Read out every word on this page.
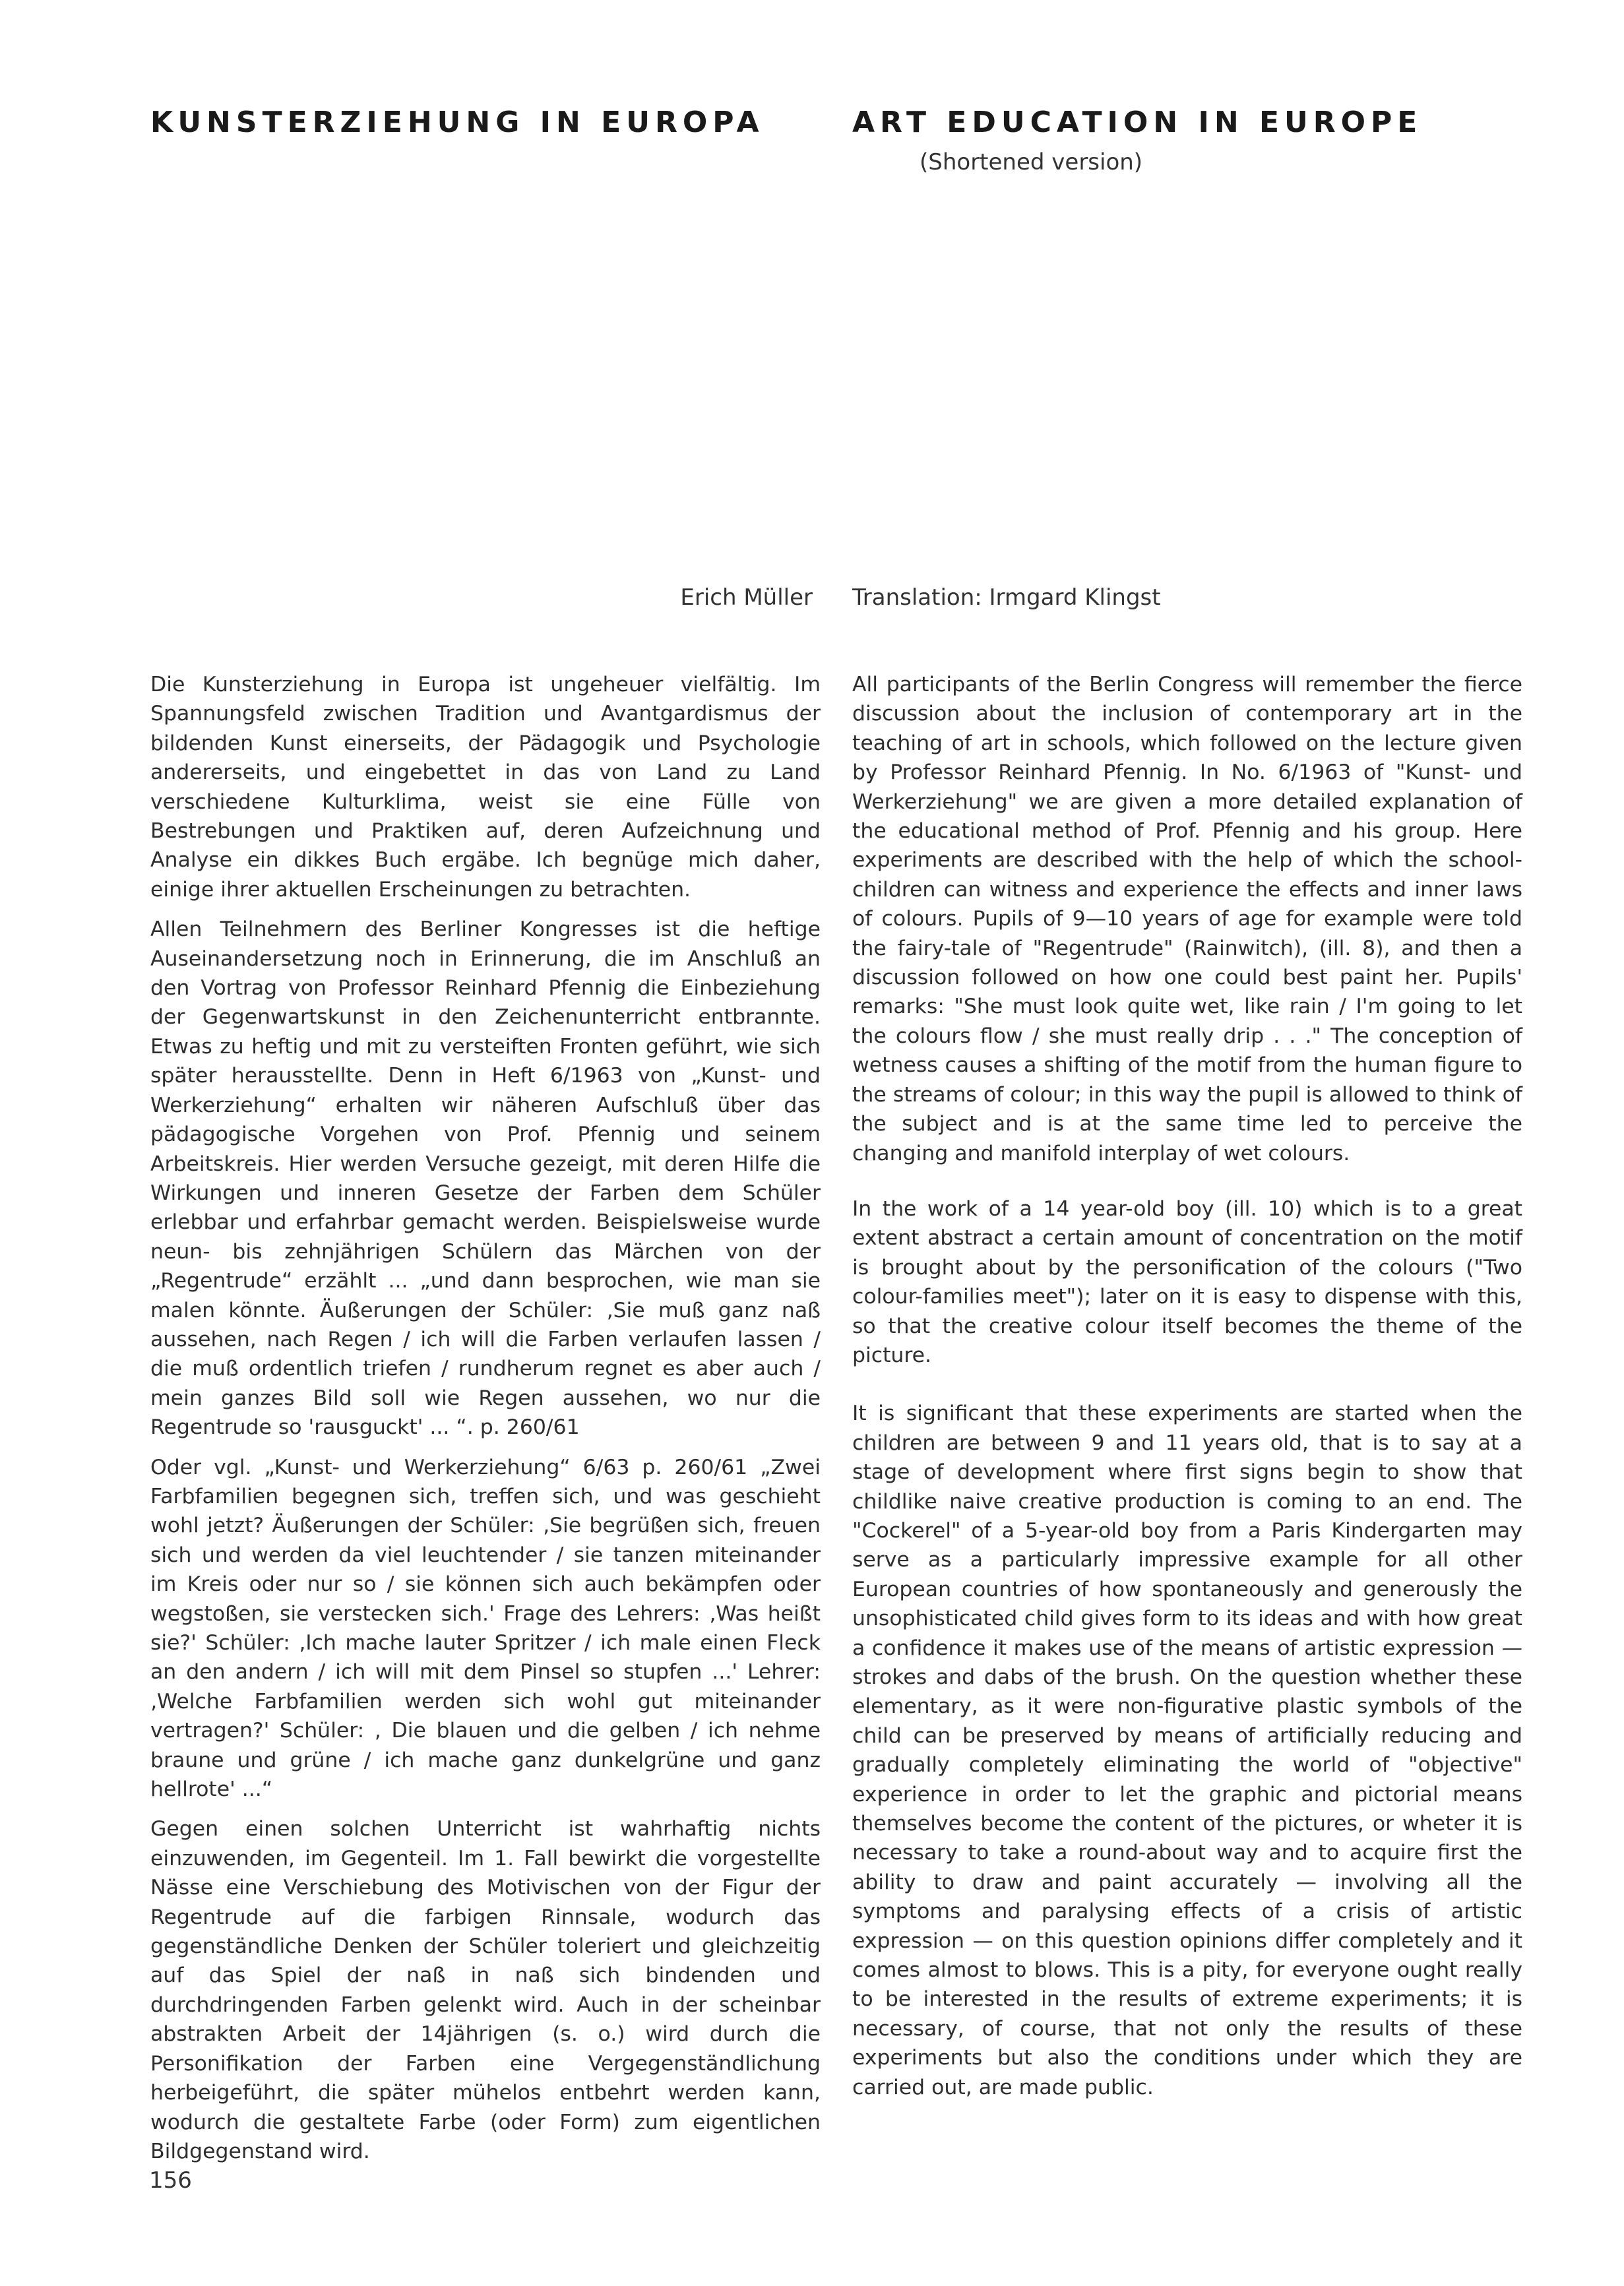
KUNSTERZIEHUNG IN EUROPA	ART EDUCATION IN EUROPE
(Shortened version)
Erich Müller Translation: Irmgard Klingst

Die Kunsterziehung in Europa ist ungeheuer vielfältig. Im Spannungsfeld zwischen Tradition und Avantgardismus der bildenden Kunst einerseits, der Pädagogik und Psychologie andererseits, und eingebettet in das von Land zu Land verschiedene Kulturklima, weist sie eine Fülle von Bestrebungen und Praktiken auf, deren Aufzeichnung und Analyse ein dikkes Buch ergäbe. Ich begnüge mich daher, einige ihrer aktuellen Erscheinungen zu betrachten.

Allen Teilnehmern des Berliner Kongresses ist die heftige Auseinandersetzung noch in Erinnerung, die im Anschluß an den Vortrag von Professor Reinhard Pfennig die Einbeziehung der Gegenwartskunst in den Zeichenunterricht entbrannte. Etwas zu heftig und mit zu versteiften Fronten geführt, wie sich später herausstellte. Denn in Heft 6/1963 von „Kunst- und Werkerziehung“ erhalten wir näheren Aufschluß über das pädagogische Vorgehen von Prof. Pfennig und seinem Arbeitskreis. Hier werden Versuche gezeigt, mit deren Hilfe die Wirkungen und inneren Gesetze der Farben dem Schüler erlebbar und erfahrbar gemacht werden. Beispielsweise wurde neun- bis zehnjährigen Schülern das Märchen von der „Regentrude“ erzählt ... „und dann besprochen, wie man sie malen könnte. Äußerungen der Schüler: ‚Sie muß ganz naß aussehen, nach Regen / ich will die Farben verlaufen lassen / die muß ordentlich triefen / rundherum regnet es aber auch / mein ganzes Bild soll wie Regen aussehen, wo nur die Regentrude so 'rausguckt' ... “. p. 260/61

Oder vgl. „Kunst- und Werkerziehung“ 6/63 p. 260/61 „Zwei Farbfamilien begegnen sich, treffen sich, und was geschieht wohl jetzt? Äußerungen der Schüler: ‚Sie begrüßen sich, freuen sich und werden da viel leuchtender / sie tanzen miteinander im Kreis oder nur so / sie können sich auch bekämpfen oder wegstoßen, sie verstecken sich.' Frage des Lehrers: ‚Was heißt sie?' Schüler: ‚Ich mache lauter Spritzer / ich male einen Fleck an den andern / ich will mit dem Pinsel so stupfen ...' Lehrer: ‚Welche Farbfamilien werden sich wohl gut miteinander vertragen?' Schüler: , Die blauen und die gelben / ich nehme braune und grüne / ich mache ganz dunkelgrüne und ganz hellrote' ...“

Gegen einen solchen Unterricht ist wahrhaftig nichts einzuwenden, im Gegenteil. Im 1. Fall bewirkt die vorgestellte Nässe eine Verschiebung des Motivischen von der Figur der Regentrude auf die farbigen Rinnsale, wodurch das gegenständliche Denken der Schüler toleriert und gleichzeitig auf das Spiel der naß in naß sich bindenden und durchdringenden Farben gelenkt wird. Auch in der scheinbar abstrakten Arbeit der 14jährigen (s. o.) wird durch die Personifikation der Farben eine Vergegenständlichung herbeigeführt, die später mühelos entbehrt werden kann, wodurch die gestaltete Farbe (oder Form) zum eigentlichen Bildgegenstand wird.

All participants of the Berlin Congress will remember the fierce discussion about the inclusion of contemporary art in the teaching of art in schools, which followed on the lecture given by Professor Reinhard Pfennig. In No. 6/1963 of "Kunst- und Werkerziehung" we are given a more detailed explanation of the educational method of Prof. Pfennig and his group. Here experiments are described with the help of which the school-children can witness and experience the effects and inner laws of colours. Pupils of 9—10 years of age for example were told the fairy-tale of "Regentrude" (Rainwitch), (ill. 8), and then a discussion followed on how one could best paint her. Pupils' remarks: "She must look quite wet, like rain / I'm going to let the colours flow / she must really drip . . ." The conception of wetness causes a shifting of the motif from the human figure to the streams of colour; in this way the pupil is allowed to think of the subject and is at the same time led to perceive the changing and manifold interplay of wet colours.

In the work of a 14 year-old boy (ill. 10) which is to a great extent abstract a certain amount of concentration on the motif is brought about by the personification of the colours ("Two colour-families meet"); later on it is easy to dispense with this, so that the creative colour itself becomes the theme of the picture.

It is significant that these experiments are started when the children are between 9 and 11 years old, that is to say at a stage of development where first signs begin to show that childlike naive creative production is coming to an end. The "Cockerel" of a 5-year-old boy from a Paris Kindergarten may serve as a particularly impressive example for all other European countries of how spontaneously and generously the unsophisticated child gives form to its ideas and with how great a confidence it makes use of the means of artistic expression — strokes and dabs of the brush. On the question whether these elementary, as it were non-figurative plastic symbols of the child can be preserved by means of artificially reducing and gradually completely eliminating the world of "objective" experience in order to let the graphic and pictorial means themselves become the content of the pictures, or wheter it is necessary to take a round-about way and to acquire first the ability to draw and paint accurately — involving all the symptoms and paralysing effects of a crisis of artistic expression — on this question opinions differ completely and it comes almost to blows. This is a pity, for everyone ought really to be interested in the results of extreme experiments; it is necessary, of course, that not only the results of these experiments but also the conditions under which they are carried out, are made public.

156
